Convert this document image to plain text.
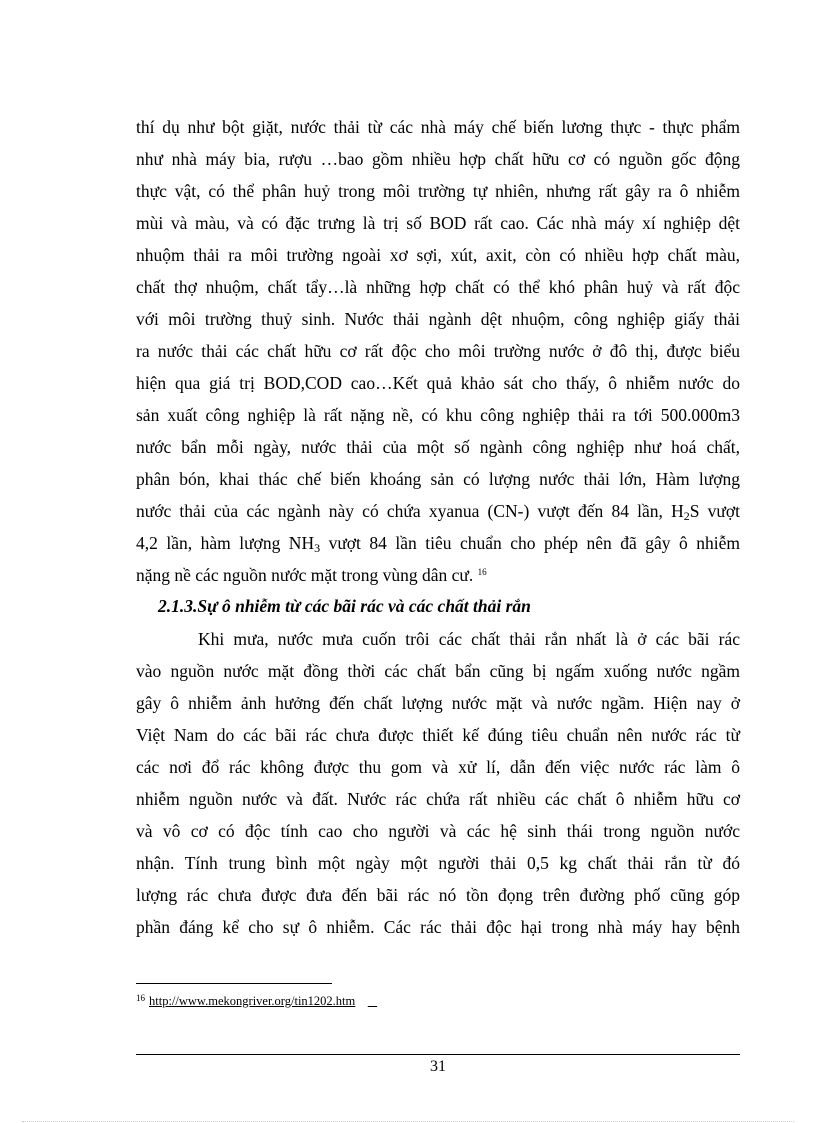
thí dụ như bột giặt, nước thải từ các nhà máy chế biến lương thực - thực phẩm
như nhà máy bia, rượu …bao gồm nhiều hợp chất hữu cơ có nguồn gốc động
thực vật, có thể phân huỷ trong môi trường tự nhiên, nhưng rất gây ra ô nhiễm
mùi và màu, và có đặc trưng là trị số BOD rất cao. Các nhà máy xí nghiệp dệt
nhuộm thải ra môi trường ngoài xơ sợi, xút, axit, còn có nhiều hợp chất màu,
chất thợ nhuộm, chất tẩy…là những hợp chất có thể khó phân huỷ và rất độc
với môi trường thuỷ sinh. Nước thải ngành dệt nhuộm, công nghiệp giấy thải
ra nước thải các chất hữu cơ rất độc cho môi trường nước ở đô thị, được biểu
hiện qua giá trị BOD,COD cao…Kết quả khảo sát cho thấy, ô nhiễm nước do
sản xuất công nghiệp là rất nặng nề, có khu công nghiệp thải ra tới 500.000m3
nước bẩn mỗi ngày, nước thải của một số ngành công nghiệp như hoá chất,
phân bón, khai thác chế biến khoáng sản có lượng nước thải lớn, Hàm lượng
nước thải của các ngành này có chứa xyanua (CN-) vượt đến 84 lần, $H_2S$ vượt
4,2 lần, hàm lượng $NH_3$ vượt 84 lần tiêu chuẩn cho phép nên đã gây ô nhiễm
nặng nề các nguồn nước mặt trong vùng dân cư. $^{16}$
2.1.3.Sự ô nhiễm từ các bãi rác và các chất thải rắn
Khi mưa, nước mưa cuốn trôi các chất thải rắn nhất là ở các bãi rác
vào nguồn nước mặt đồng thời các chất bẩn cũng bị ngấm xuống nước ngầm
gây ô nhiễm ảnh hưởng đến chất lượng nước mặt và nước ngầm. Hiện nay ở
Việt Nam do các bãi rác chưa được thiết kế đúng tiêu chuẩn nên nước rác từ
các nơi đổ rác không được thu gom và xử lí, dẫn đến việc nước rác làm ô
nhiễm nguồn nước và đất. Nước rác chứa rất nhiều các chất ô nhiễm hữu cơ
và vô cơ có độc tính cao cho người và các hệ sinh thái trong nguồn nước
nhận. Tính trung bình một ngày một người thải 0,5 kg chất thải rắn từ đó
lượng rác chưa được đưa đến bãi rác nó tồn đọng trên đường phố cũng góp
phần đáng kể cho sự ô nhiễm. Các rác thải độc hại trong nhà máy hay bệnh
$^{16}$ http://www.mekongriver.org/tin1202.htm
31
